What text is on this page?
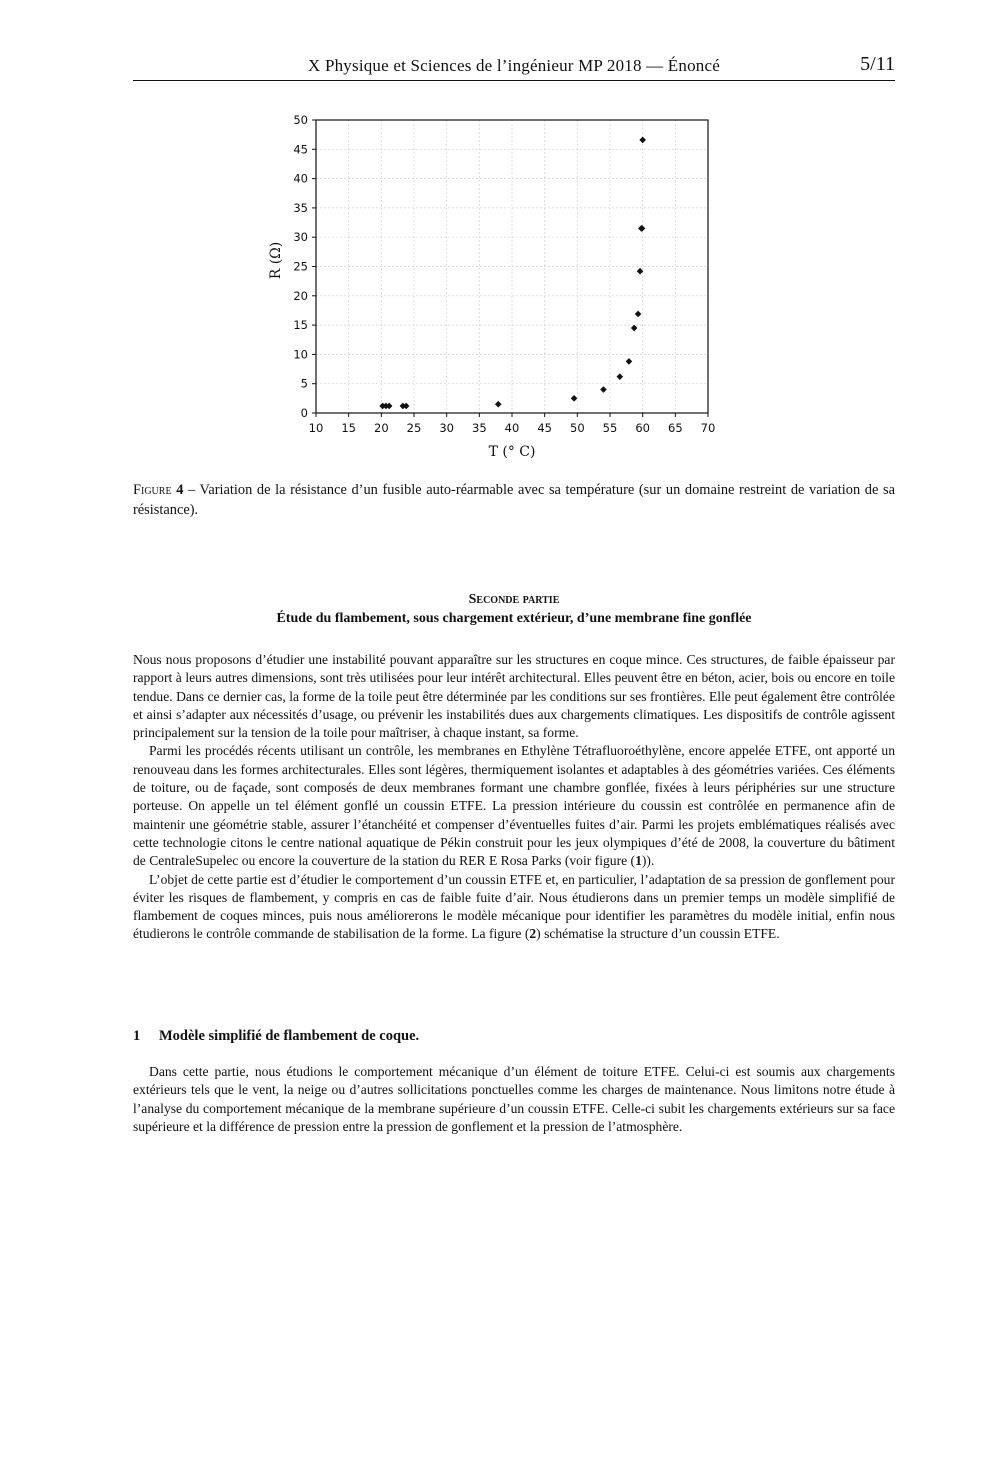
X Physique et Sciences de l’ingénieur MP 2018 — Énoncé	5/11
10 15 20 25 30 35 40 45 50 55 60 65 70
0
5
10
15
20
25
30
35
40
45
50
T (° C)
R (Ω)
Figure 4 – Variation de la résistance d’un fusible auto-réarmable avec sa température (sur un domaine restreint de variation de sa résistance).
Seconde partie
Étude du flambement, sous chargement extérieur, d’une membrane fine gonflée

Nous nous proposons d’étudier une instabilité pouvant apparaître sur les structures en coque mince. Ces structures, de faible épaisseur par rapport à leurs autres dimensions, sont très utilisées pour leur intérêt architectural. Elles peuvent être en béton, acier, bois ou encore en toile tendue. Dans ce dernier cas, la forme de la toile peut être déterminée par les conditions sur ses frontières. Elle peut également être contrôlée et ainsi s’adapter aux nécessités d’usage, ou prévenir les instabilités dues aux chargements climatiques. Les dispositifs de contrôle agissent principalement sur la tension de la toile pour maîtriser, à chaque instant, sa forme.

Parmi les procédés récents utilisant un contrôle, les membranes en Ethylène Tétrafluoroéthylène, encore appelée ETFE, ont apporté un renouveau dans les formes architecturales. Elles sont légères, thermiquement isolantes et adaptables à des géométries variées. Ces éléments de toiture, ou de façade, sont composés de deux membranes formant une chambre gonflée, fixées à leurs périphéries sur une structure porteuse. On appelle un tel élément gonflé un coussin ETFE. La pression intérieure du coussin est contrôlée en permanence afin de maintenir une géométrie stable, assurer l’étanchéité et compenser d’éventuelles fuites d’air. Parmi les projets emblématiques réalisés avec cette technologie citons le centre national aquatique de Pékin construit pour les jeux olympiques d’été de 2008, la couverture du bâtiment de CentraleSupelec ou encore la couverture de la station du RER E Rosa Parks (voir figure (1)).

L’objet de cette partie est d’étudier le comportement d’un coussin ETFE et, en particulier, l’adaptation de sa pression de gonflement pour éviter les risques de flambement, y compris en cas de faible fuite d’air. Nous étudierons dans un premier temps un modèle simplifié de flambement de coques minces, puis nous améliorerons le modèle mécanique pour identifier les paramètres du modèle initial, enfin nous étudierons le contrôle commande de stabilisation de la forme. La figure (2) schématise la structure d’un coussin ETFE.

1 Modèle simplifié de flambement de coque.
Dans cette partie, nous étudions le comportement mécanique d’un élément de toiture ETFE. Celui-ci est soumis aux chargements extérieurs tels que le vent, la neige ou d’autres sollicitations ponctuelles comme les charges de maintenance. Nous limitons notre étude à l’analyse du comportement mécanique de la membrane supérieure d’un coussin ETFE. Celle-ci subit les chargements extérieurs sur sa face supérieure et la différence de pression entre la pression de gonflement et la pression de l’atmosphère.
